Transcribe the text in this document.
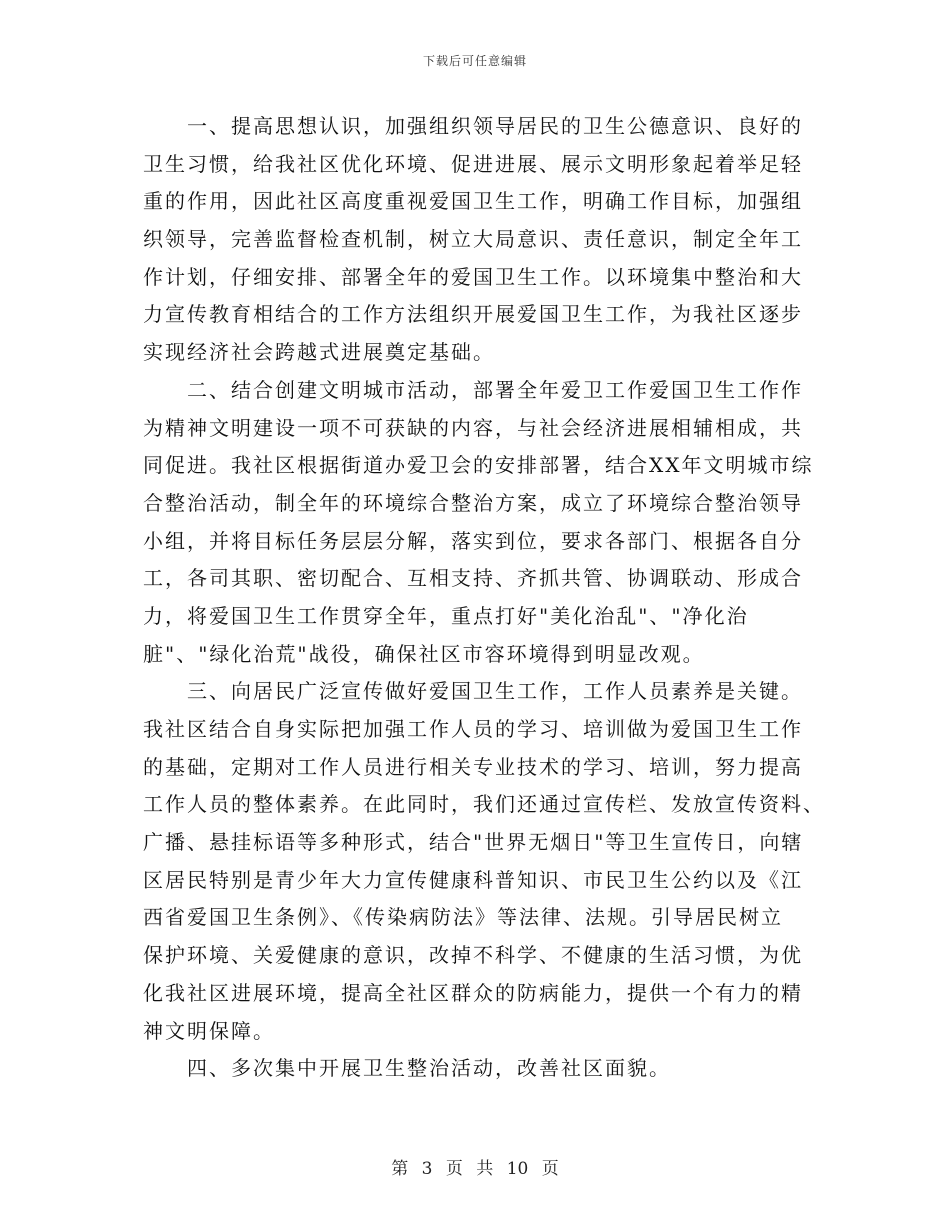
下载后可任意编辑
一、提高思想认识，加强组织领导居民的卫生公德意识、良好的
卫生习惯，给我社区优化环境、促进进展、展示文明形象起着举足轻
重的作用，因此社区高度重视爱国卫生工作，明确工作目标，加强组
织领导，完善监督检查机制，树立大局意识、责任意识，制定全年工
作计划，仔细安排、部署全年的爱国卫生工作。以环境集中整治和大
力宣传教育相结合的工作方法组织开展爱国卫生工作，为我社区逐步
实现经济社会跨越式进展奠定基础。
二、结合创建文明城市活动，部署全年爱卫工作爱国卫生工作作
为精神文明建设一项不可获缺的内容，与社会经济进展相辅相成，共
同促进。我社区根据街道办爱卫会的安排部署，结合XX年文明城市综
合整治活动，制全年的环境综合整治方案，成立了环境综合整治领导
小组，并将目标任务层层分解，落实到位，要求各部门、根据各自分
工，各司其职、密切配合、互相支持、齐抓共管、协调联动、形成合
力，将爱国卫生工作贯穿全年，重点打好"美化治乱"、"净化治
脏"、"绿化治荒"战役，确保社区市容环境得到明显改观。
三、向居民广泛宣传做好爱国卫生工作，工作人员素养是关键。
我社区结合自身实际把加强工作人员的学习、培训做为爱国卫生工作
的基础，定期对工作人员进行相关专业技术的学习、培训，努力提高
工作人员的整体素养。在此同时，我们还通过宣传栏、发放宣传资料、
广播、悬挂标语等多种形式，结合"世界无烟日"等卫生宣传日，向辖
区居民特别是青少年大力宣传健康科普知识、市民卫生公约以及《江
西省爱国卫生条例》、《传染病防法》等法律、法规。引导居民树立
保护环境、关爱健康的意识，改掉不科学、不健康的生活习惯，为优
化我社区进展环境，提高全社区群众的防病能力，提供一个有力的精
神文明保障。
四、多次集中开展卫生整治活动，改善社区面貌。
第 3 页 共 10 页
